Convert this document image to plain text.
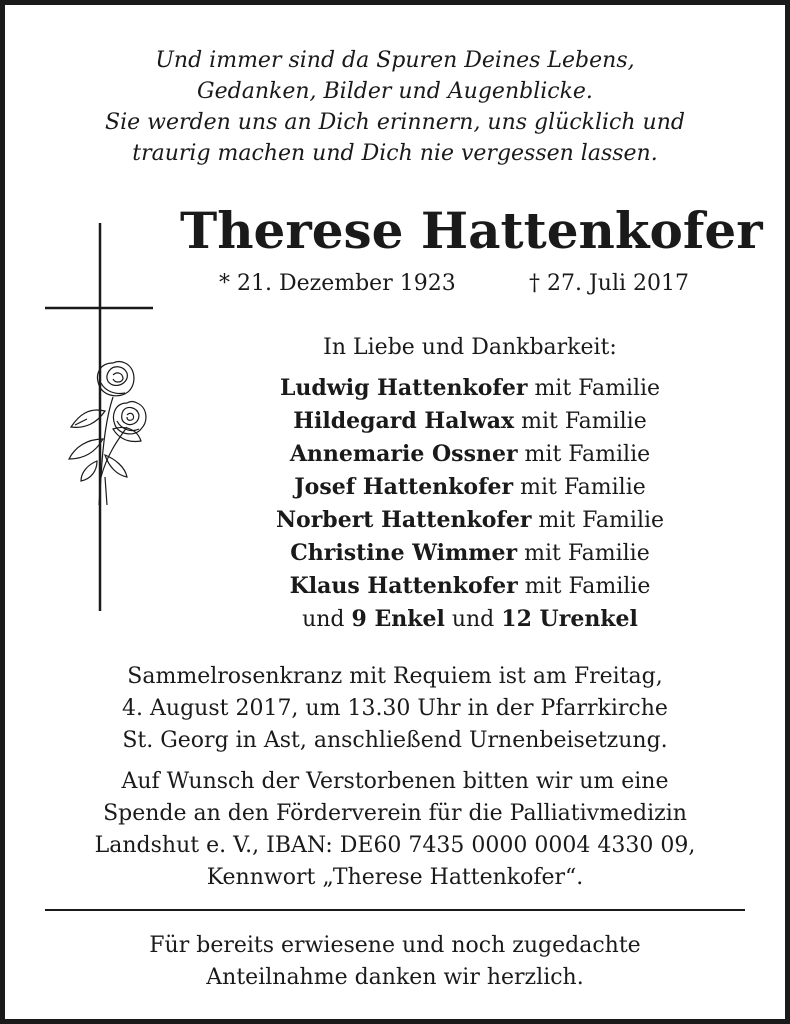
Und immer sind da Spuren Deines Lebens,
Gedanken, Bilder und Augenblicke.
Sie werden uns an Dich erinnern, uns glücklich und
traurig machen und Dich nie vergessen lassen.
Therese Hattenkofer
* 21. Dezember 1923	† 27. Juli 2017
In Liebe und Dankbarkeit:
Ludwig Hattenkofer mit Familie
Hildegard Halwax mit Familie
Annemarie Ossner mit Familie
Josef Hattenkofer mit Familie
Norbert Hattenkofer mit Familie
Christine Wimmer mit Familie
Klaus Hattenkofer mit Familie
und 9 Enkel und 12 Urenkel
Sammelrosenkranz mit Requiem ist am Freitag,
4. August 2017, um 13.30 Uhr in der Pfarrkirche
St. Georg in Ast, anschließend Urnenbeisetzung.
Auf Wunsch der Verstorbenen bitten wir um eine
Spende an den Förderverein für die Palliativmedizin
Landshut e. V., IBAN: DE60 7435 0000 0004 4330 09,
Kennwort „Therese Hattenkofer“.
Für bereits erwiesene und noch zugedachte
Anteilnahme danken wir herzlich.
